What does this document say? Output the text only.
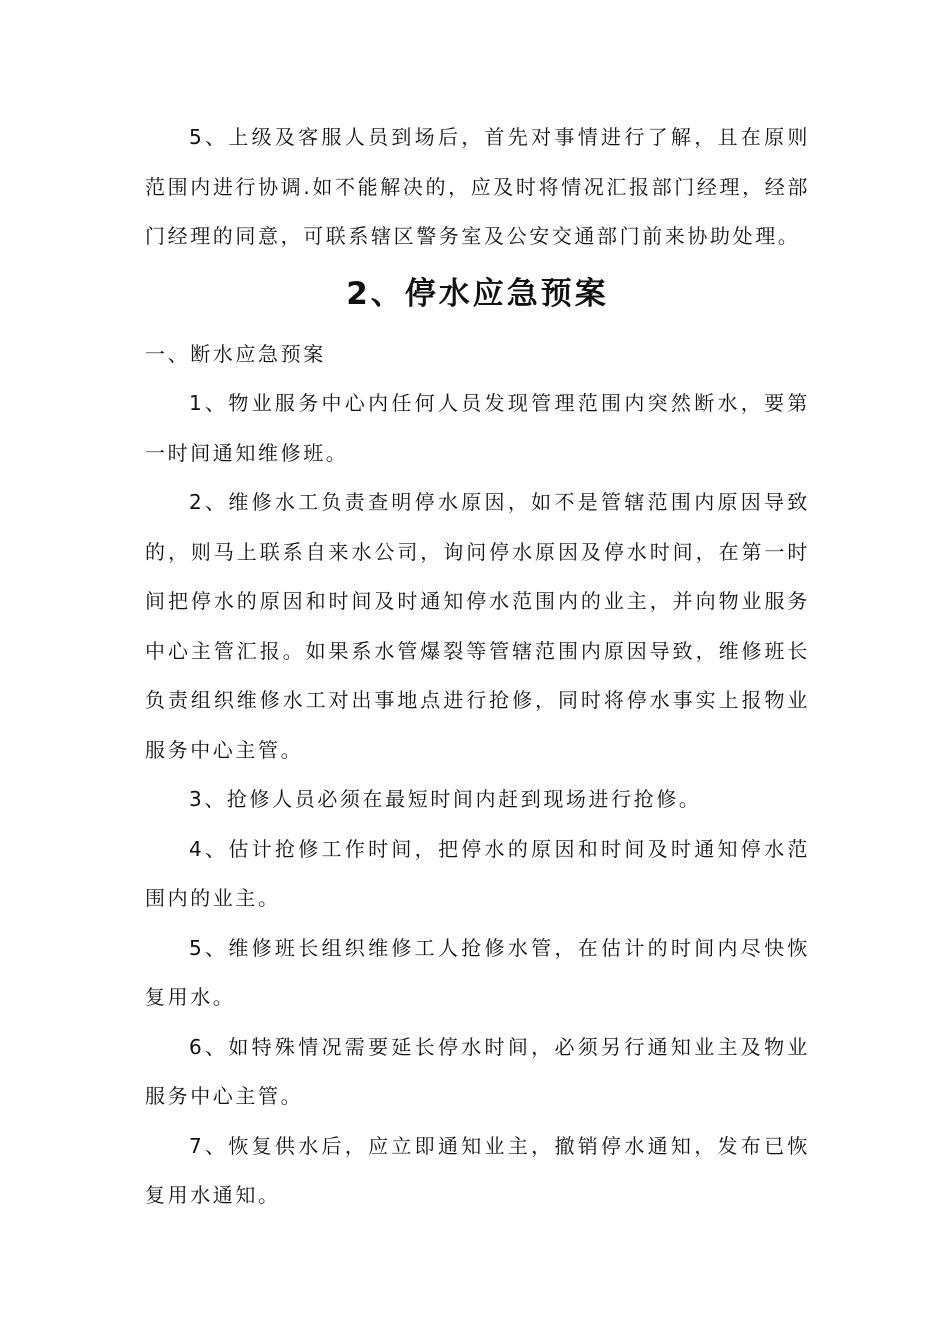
5、上级及客服人员到场后，首先对事情进行了解，且在原则范围内进行协调.如不能解决的，应及时将情况汇报部门经理，经部门经理的同意，可联系辖区警务室及公安交通部门前来协助处理。

2、停水应急预案

一、断水应急预案

1、物业服务中心内任何人员发现管理范围内突然断水，要第一时间通知维修班。

2、维修水工负责查明停水原因，如不是管辖范围内原因导致的，则马上联系自来水公司，询问停水原因及停水时间，在第一时间把停水的原因和时间及时通知停水范围内的业主，并向物业服务中心主管汇报。如果系水管爆裂等管辖范围内原因导致，维修班长负责组织维修水工对出事地点进行抢修，同时将停水事实上报物业服务中心主管。

3、抢修人员必须在最短时间内赶到现场进行抢修。

4、估计抢修工作时间，把停水的原因和时间及时通知停水范围内的业主。

5、维修班长组织维修工人抢修水管，在估计的时间内尽快恢复用水。

6、如特殊情况需要延长停水时间，必须另行通知业主及物业服务中心主管。

7、恢复供水后，应立即通知业主，撤销停水通知，发布已恢复用水通知。
